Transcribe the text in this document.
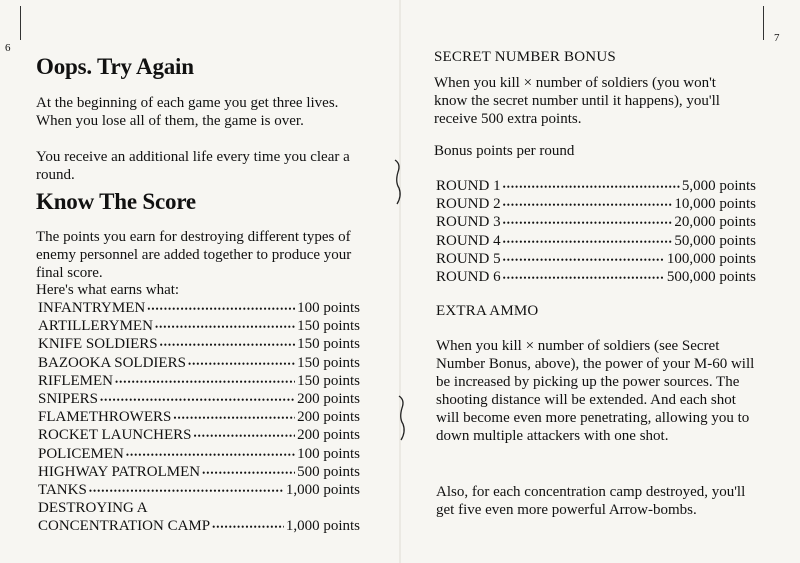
6
Oops. Try Again

At the beginning of each game you get three lives. When you lose all of them, the game is over.

You receive an additional life every time you clear a round.

Know The Score

The points you earn for destroying different types of enemy personnel are added together to produce your final score.

Here's what earns what:

INFANTRYMEN •••••	100 points
ARTILLERYMEN •••••	150 points
KNIFE SOLDIERS •••••	150 points
BAZOOKA SOLDIERS •••••	150 points
RIFLEMEN •••••	150 points
SNIPERS •••••	200 points
FLAMETHROWERS •••••	200 points
ROCKET LAUNCHERS •••••	200 points
POLICEMEN •••••	100 points
HIGHWAY PATROLMEN •••••	500 points
TANKS •••••	1,000 points
DESTROYING A
CONCENTRATION CAMP •••••	1,000 points
7

SECRET NUMBER BONUS

When you kill × number of soldiers (you won't know the secret number until it happens), you'll receive 500 extra points.

Bonus points per round

ROUND 1 •••••	5,000 points
ROUND 2 •••••	10,000 points
ROUND 3 •••••	20,000 points
ROUND 4 •••••	50,000 points
ROUND 5 •••••	100,000 points
ROUND 6 •••••	500,000 points

EXTRA AMMO

When you kill × number of soldiers (see Secret Number Bonus, above), the power of your M-60 will be increased by picking up the power sources. The shooting distance will be extended. And each shot will become even more penetrating, allowing you to down multiple attackers with one shot.

Also, for each concentration camp destroyed, you'll get five even more powerful Arrow-bombs.
